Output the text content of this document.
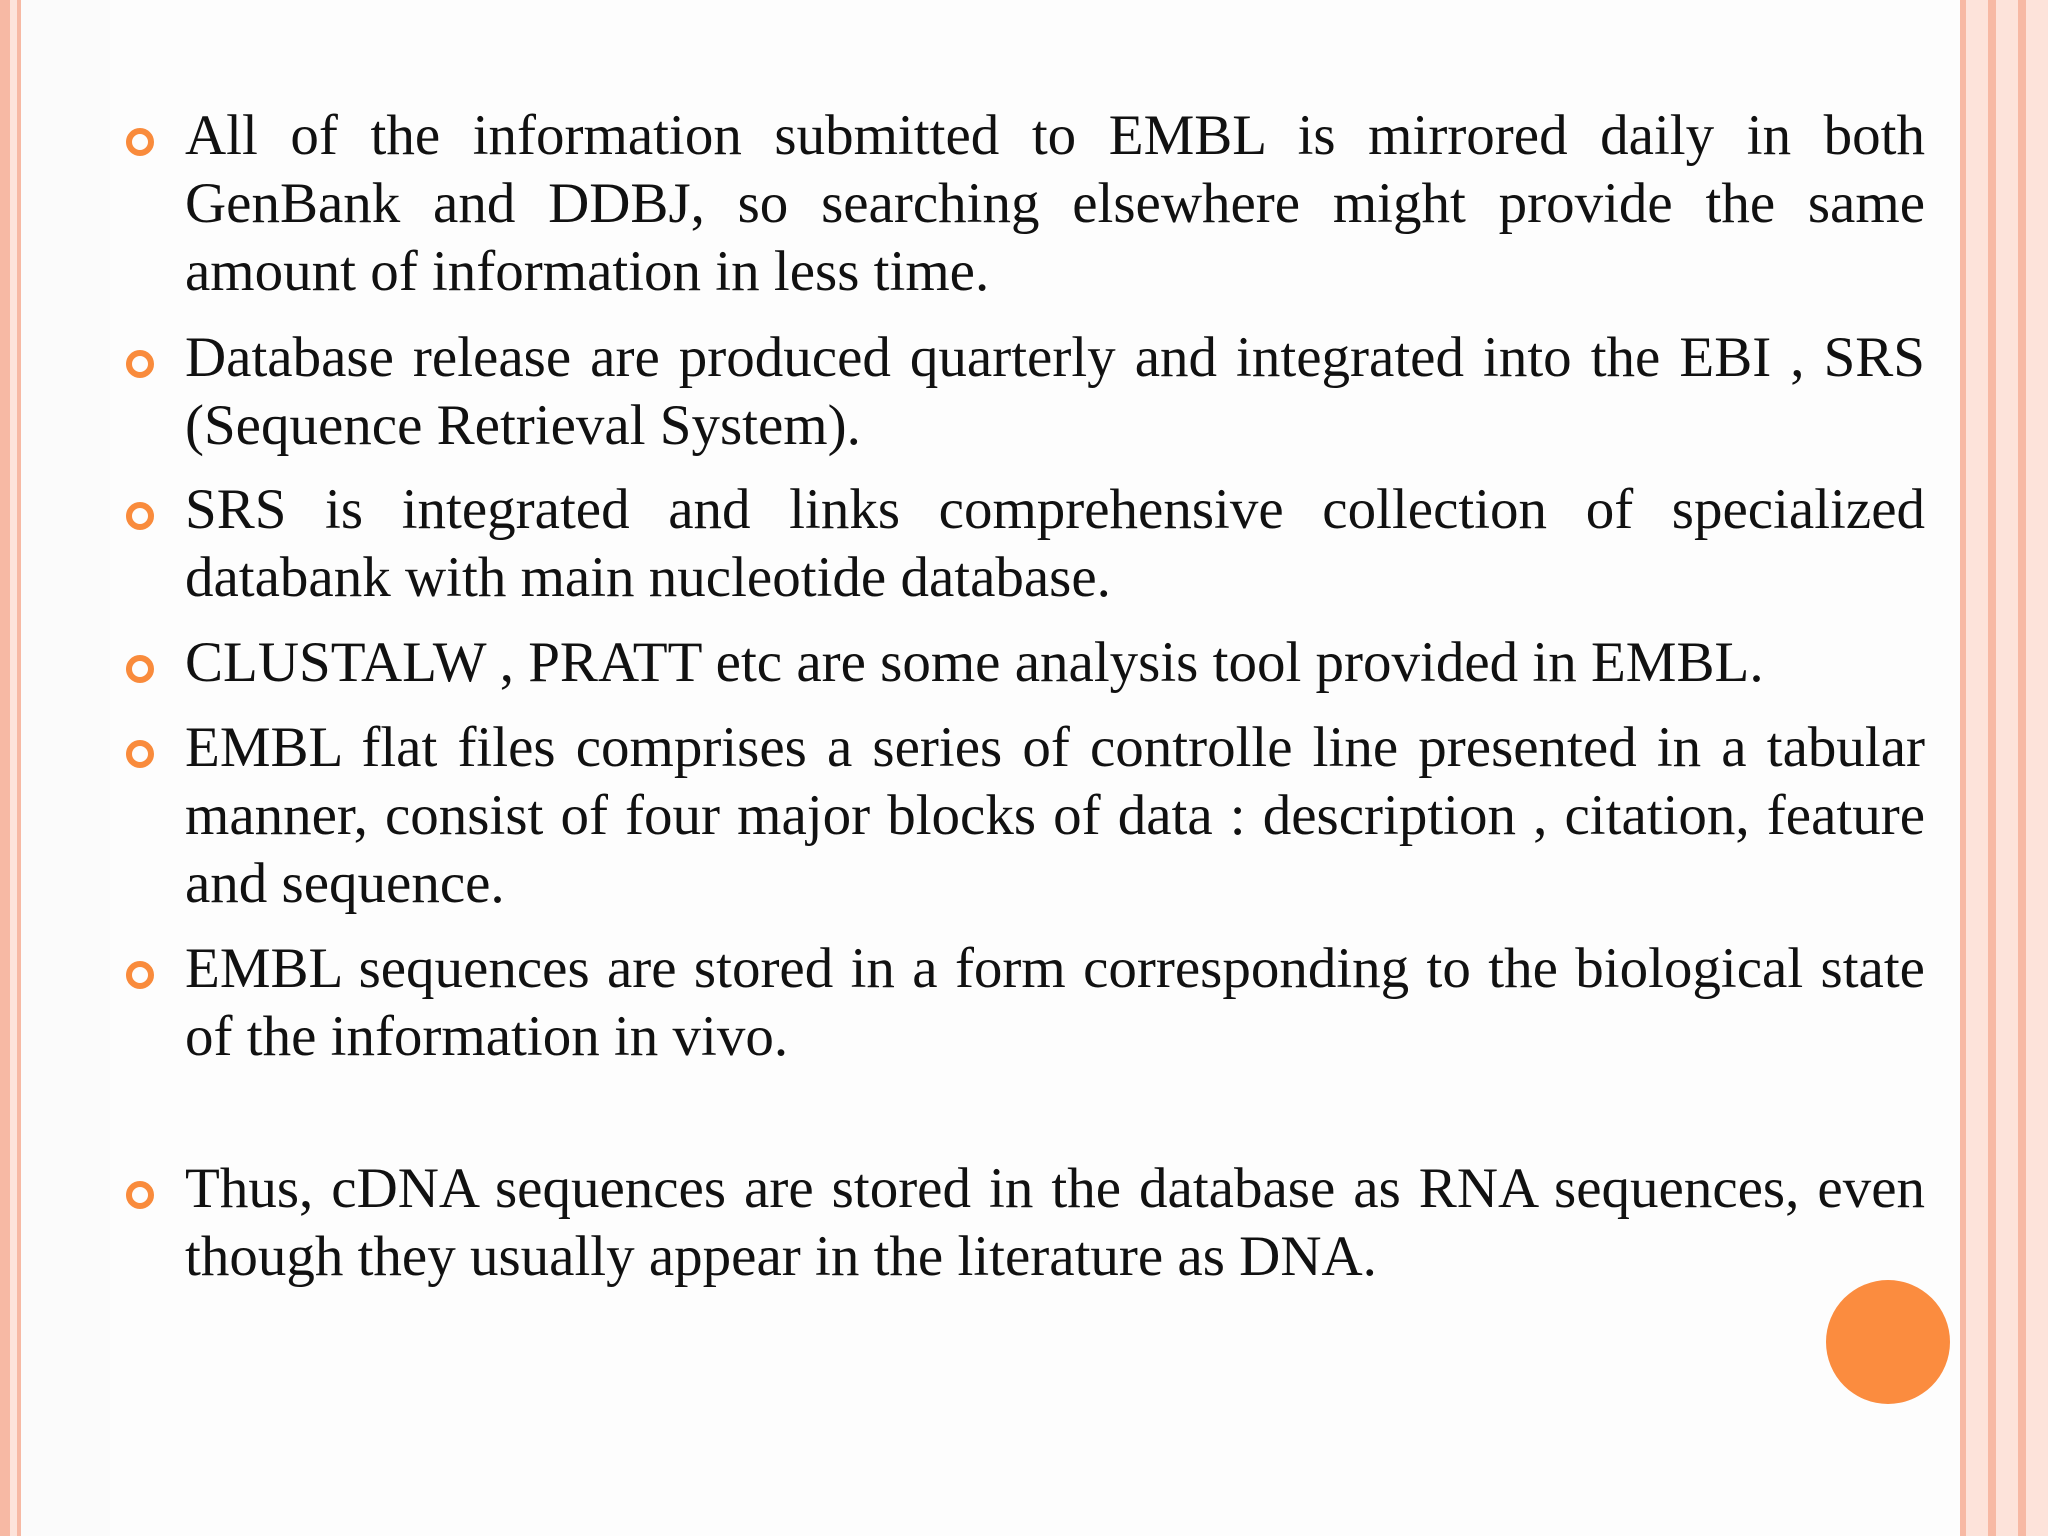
All of the information submitted to EMBL is mirrored daily in both GenBank and DDBJ, so searching elsewhere might provide the same amount of information in less time.
Database release are produced quarterly and integrated into the EBI , SRS (Sequence Retrieval System).
SRS is integrated and links comprehensive collection of specialized databank with main nucleotide database.
CLUSTALW , PRATT etc are some analysis tool provided in EMBL.
EMBL flat files comprises a series of controlle line presented in a tabular manner, consist of four major blocks of data : description , citation, feature and sequence.
EMBL sequences are stored in a form corresponding to the biological state of the information in vivo.
Thus, cDNA sequences are stored in the database as RNA sequences, even though they usually appear in the literature as DNA.
